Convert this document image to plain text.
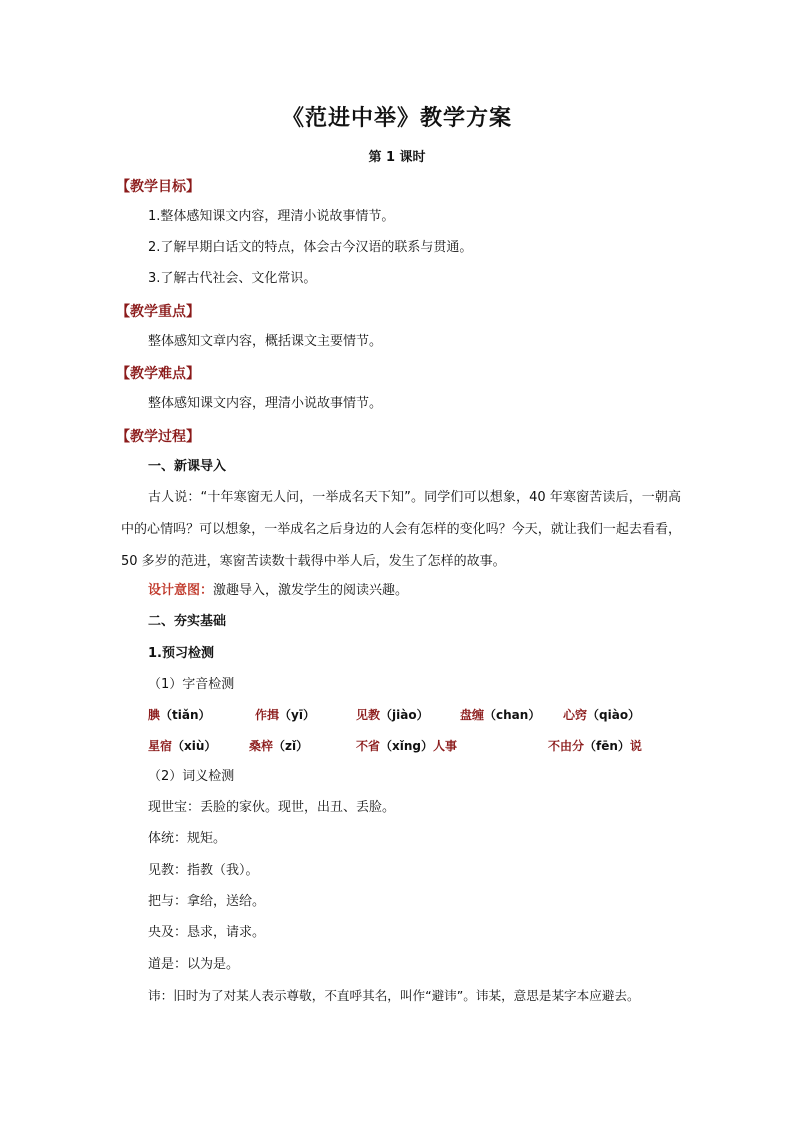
《范进中举》教学方案
第 1 课时
【教学目标】
1.整体感知课文内容，理清小说故事情节。
2.了解早期白话文的特点，体会古今汉语的联系与贯通。
3.了解古代社会、文化常识。
【教学重点】
整体感知文章内容，概括课文主要情节。
【教学难点】
整体感知课文内容，理清小说故事情节。
【教学过程】
一、新课导入
古人说：“十年寒窗无人问，一举成名天下知”。同学们可以想象，40 年寒窗苦读后，一朝高中的心情吗？可以想象，一举成名之后身边的人会有怎样的变化吗？今天，就让我们一起去看看，50 多岁的范进，寒窗苦读数十载得中举人后，发生了怎样的故事。
设计意图：激趣导入，激发学生的阅读兴趣。
二、夯实基础
1.预习检测
（1）字音检测
腆（tiǎn）	作揖（yī）	见教（jiào）	盘缠（chan） 心窍（qiào）
星宿（xiù）	桑梓（zǐ）	不省（xǐng）人事	不由分（fēn）说
（2）词义检测
现世宝：丢脸的家伙。现世，出丑、丢脸。
体统：规矩。
见教：指教（我）。
把与：拿给，送给。
央及：恳求，请求。
道是：以为是。
讳：旧时为了对某人表示尊敬，不直呼其名，叫作“避讳”。讳某，意思是某字本应避去。
